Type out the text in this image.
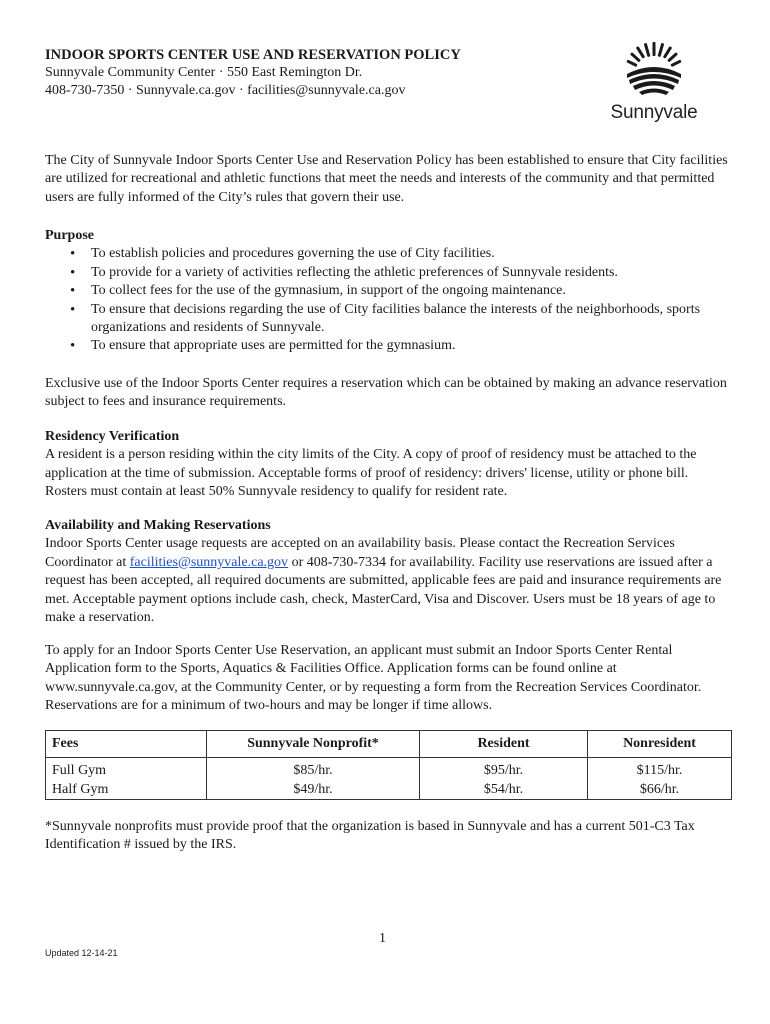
INDOOR SPORTS CENTER USE AND RESERVATION POLICY
Sunnyvale Community Center · 550 East Remington Dr.
408-730-7350 · Sunnyvale.ca.gov · facilities@sunnyvale.ca.gov
Sunnyvale

The City of Sunnyvale Indoor Sports Center Use and Reservation Policy has been established to ensure that City facilities are utilized for recreational and athletic functions that meet the needs and interests of the community and that permitted users are fully informed of the City’s rules that govern their use.

Purpose
• To establish policies and procedures governing the use of City facilities.
• To provide for a variety of activities reflecting the athletic preferences of Sunnyvale residents.
• To collect fees for the use of the gymnasium, in support of the ongoing maintenance.
• To ensure that decisions regarding the use of City facilities balance the interests of the neighborhoods, sports organizations and residents of Sunnyvale.
• To ensure that appropriate uses are permitted for the gymnasium.

Exclusive use of the Indoor Sports Center requires a reservation which can be obtained by making an advance reservation subject to fees and insurance requirements.

Residency Verification

A resident is a person residing within the city limits of the City. A copy of proof of residency must be attached to the application at the time of submission. Acceptable forms of proof of residency: drivers' license, utility or phone bill. Rosters must contain at least 50% Sunnyvale residency to qualify for resident rate.

Availability and Making Reservations

Indoor Sports Center usage requests are accepted on an availability basis. Please contact the Recreation Services Coordinator at facilities@sunnyvale.ca.gov or 408-730-7334 for availability. Facility use reservations are issued after a request has been accepted, all required documents are submitted, applicable fees are paid and insurance requirements are met. Acceptable payment options include cash, check, MasterCard, Visa and Discover. Users must be 18 years of age to make a reservation.

To apply for an Indoor Sports Center Use Reservation, an applicant must submit an Indoor Sports Center Rental Application form to the Sports, Aquatics & Facilities Office. Application forms can be found online at www.sunnyvale.ca.gov, at the Community Center, or by requesting a form from the Recreation Services Coordinator. Reservations are for a minimum of two-hours and may be longer if time allows.

Fees	Sunnyvale Nonprofit*	Resident	Nonresident
Full Gym	$85/hr.	$95/hr.	$115/hr.
Half Gym	$49/hr.	$54/hr.	$66/hr.

*Sunnyvale nonprofits must provide proof that the organization is based in Sunnyvale and has a current 501-C3 Tax Identification # issued by the IRS.

1
Updated 12-14-21
